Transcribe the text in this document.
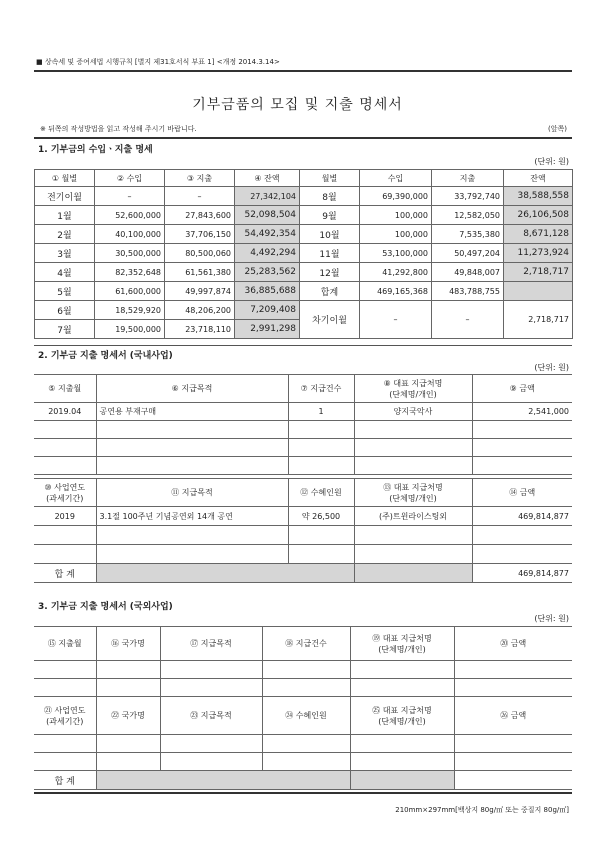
■ 상속세 및 증여세법 시행규칙 [별지 제31호서식 부표 1] <개정 2014.3.14>
기부금품의 모집 및 지출 명세서
※ 뒤쪽의 작성방법을 읽고 작성해 주시기 바랍니다.	(앞쪽)
1. 기부금의 수입ㆍ지출 명세
(단위: 원)
① 월별	② 수입	③ 지출	④ 잔액	월별	수입	지출	잔액
전기이월	–	–	27,342,104	8월	69,390,000	33,792,740	38,588,558
1월	52,600,000	27,843,600	52,098,504	9월	100,000	12,582,050	26,106,508
2월	40,100,000	37,706,150	54,492,354	10월	100,000	7,535,380	8,671,128
3월	30,500,000	80,500,060	4,492,294	11월	53,100,000	50,497,204	11,273,924
4월	82,352,648	61,561,380	25,283,562	12월	41,292,800	49,848,007	2,718,717
5월	61,600,000	49,997,874	36,885,688	합계	469,165,368	483,788,755	
6월	18,529,920	48,206,200	7,209,408	차기이월	–	–	2,718,717
7월	19,500,000	23,718,110	2,991,298				
2. 기부금 지출 명세서 (국내사업)
(단위: 원)
⑤ 지출월	⑥ 지급목적	⑦ 지급건수	⑧ 대표 지급처명
(단체명/개인)	⑨ 금액
2019.04	공연용 부재구매	1	양지국악사	2,541,000

⑩ 사업연도
(과세기간)	⑪ 지급목적	⑫ 수혜인원	⑬ 대표 지급처명
(단체명/개인)	⑭ 금액
2019	3.1절 100주년 기념공연외 14개 공연	약 26,500	(주)트윈라이스팅외	469,814,877

합 계				469,814,877
3. 기부금 지출 명세서 (국외사업)
(단위: 원)
⑮ 지출월	⑯ 국가명	⑰ 지급목적	⑱ 지급건수	⑲ 대표 지급처명
(단체명/개인)	⑳ 금액

㉑ 사업연도
(과세기간)	㉒ 국가명	㉓ 지급목적	㉔ 수혜인원	㉕ 대표 지급처명
(단체명/개인)	㉖ 금액

합 계					
210mm×297mm[백상지 80g/㎡ 또는 중질지 80g/㎡]
